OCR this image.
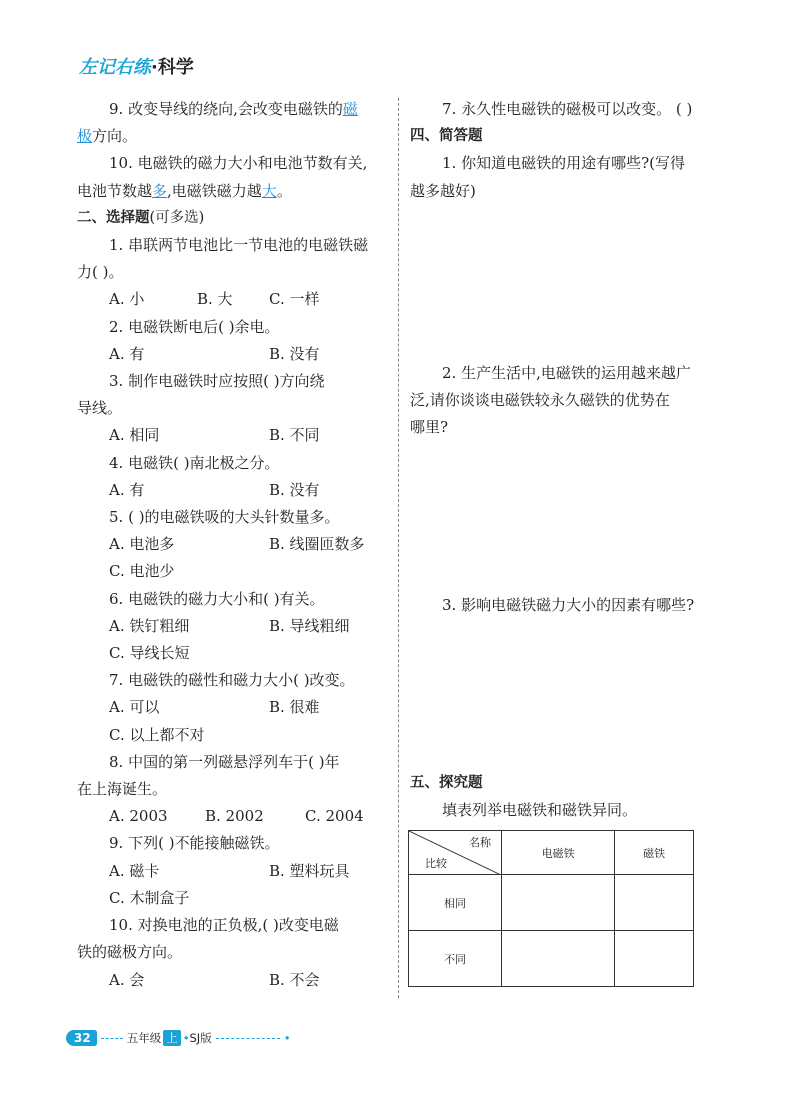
左记右练·科学
9. 改变导线的绕向,会改变电磁铁的磁
极方向。
10. 电磁铁的磁力大小和电池节数有关,
电池节数越多,电磁铁磁力越大。
二、选择题(可多选)
1. 串联两节电池比一节电池的电磁铁磁
力( )。
A. 小	B. 大	C. 一样
2. 电磁铁断电后( )余电。
A. 有	B. 没有
3. 制作电磁铁时应按照( )方向绕
导线。
A. 相同	B. 不同
4. 电磁铁( )南北极之分。
A. 有	B. 没有
5. ( )的电磁铁吸的大头针数量多。
A. 电池多	B. 线圈匝数多
C. 电池少
6. 电磁铁的磁力大小和( )有关。
A. 铁钉粗细	B. 导线粗细
C. 导线长短
7. 电磁铁的磁性和磁力大小( )改变。
A. 可以	B. 很难
C. 以上都不对
8. 中国的第一列磁悬浮列车于( )年
在上海诞生。
A. 2003	B. 2002	C. 2004
9. 下列( )不能接触磁铁。
A. 磁卡	B. 塑料玩具
C. 木制盒子
10. 对换电池的正负极,( )改变电磁
铁的磁极方向。
A. 会	B. 不会
7. 永久性电磁铁的磁极可以改变。 ( )
四、简答题
1. 你知道电磁铁的用途有哪些?(写得
越多越好)
2. 生产生活中,电磁铁的运用越来越广
泛,请你谈谈电磁铁较永久磁铁的优势在
哪里?
3. 影响电磁铁磁力大小的因素有哪些?
五、探究题
填表列举电磁铁和磁铁异同。
名称
比较	电磁铁	磁铁
相同		
不同		
32	五年级 上 • SJ版	•
